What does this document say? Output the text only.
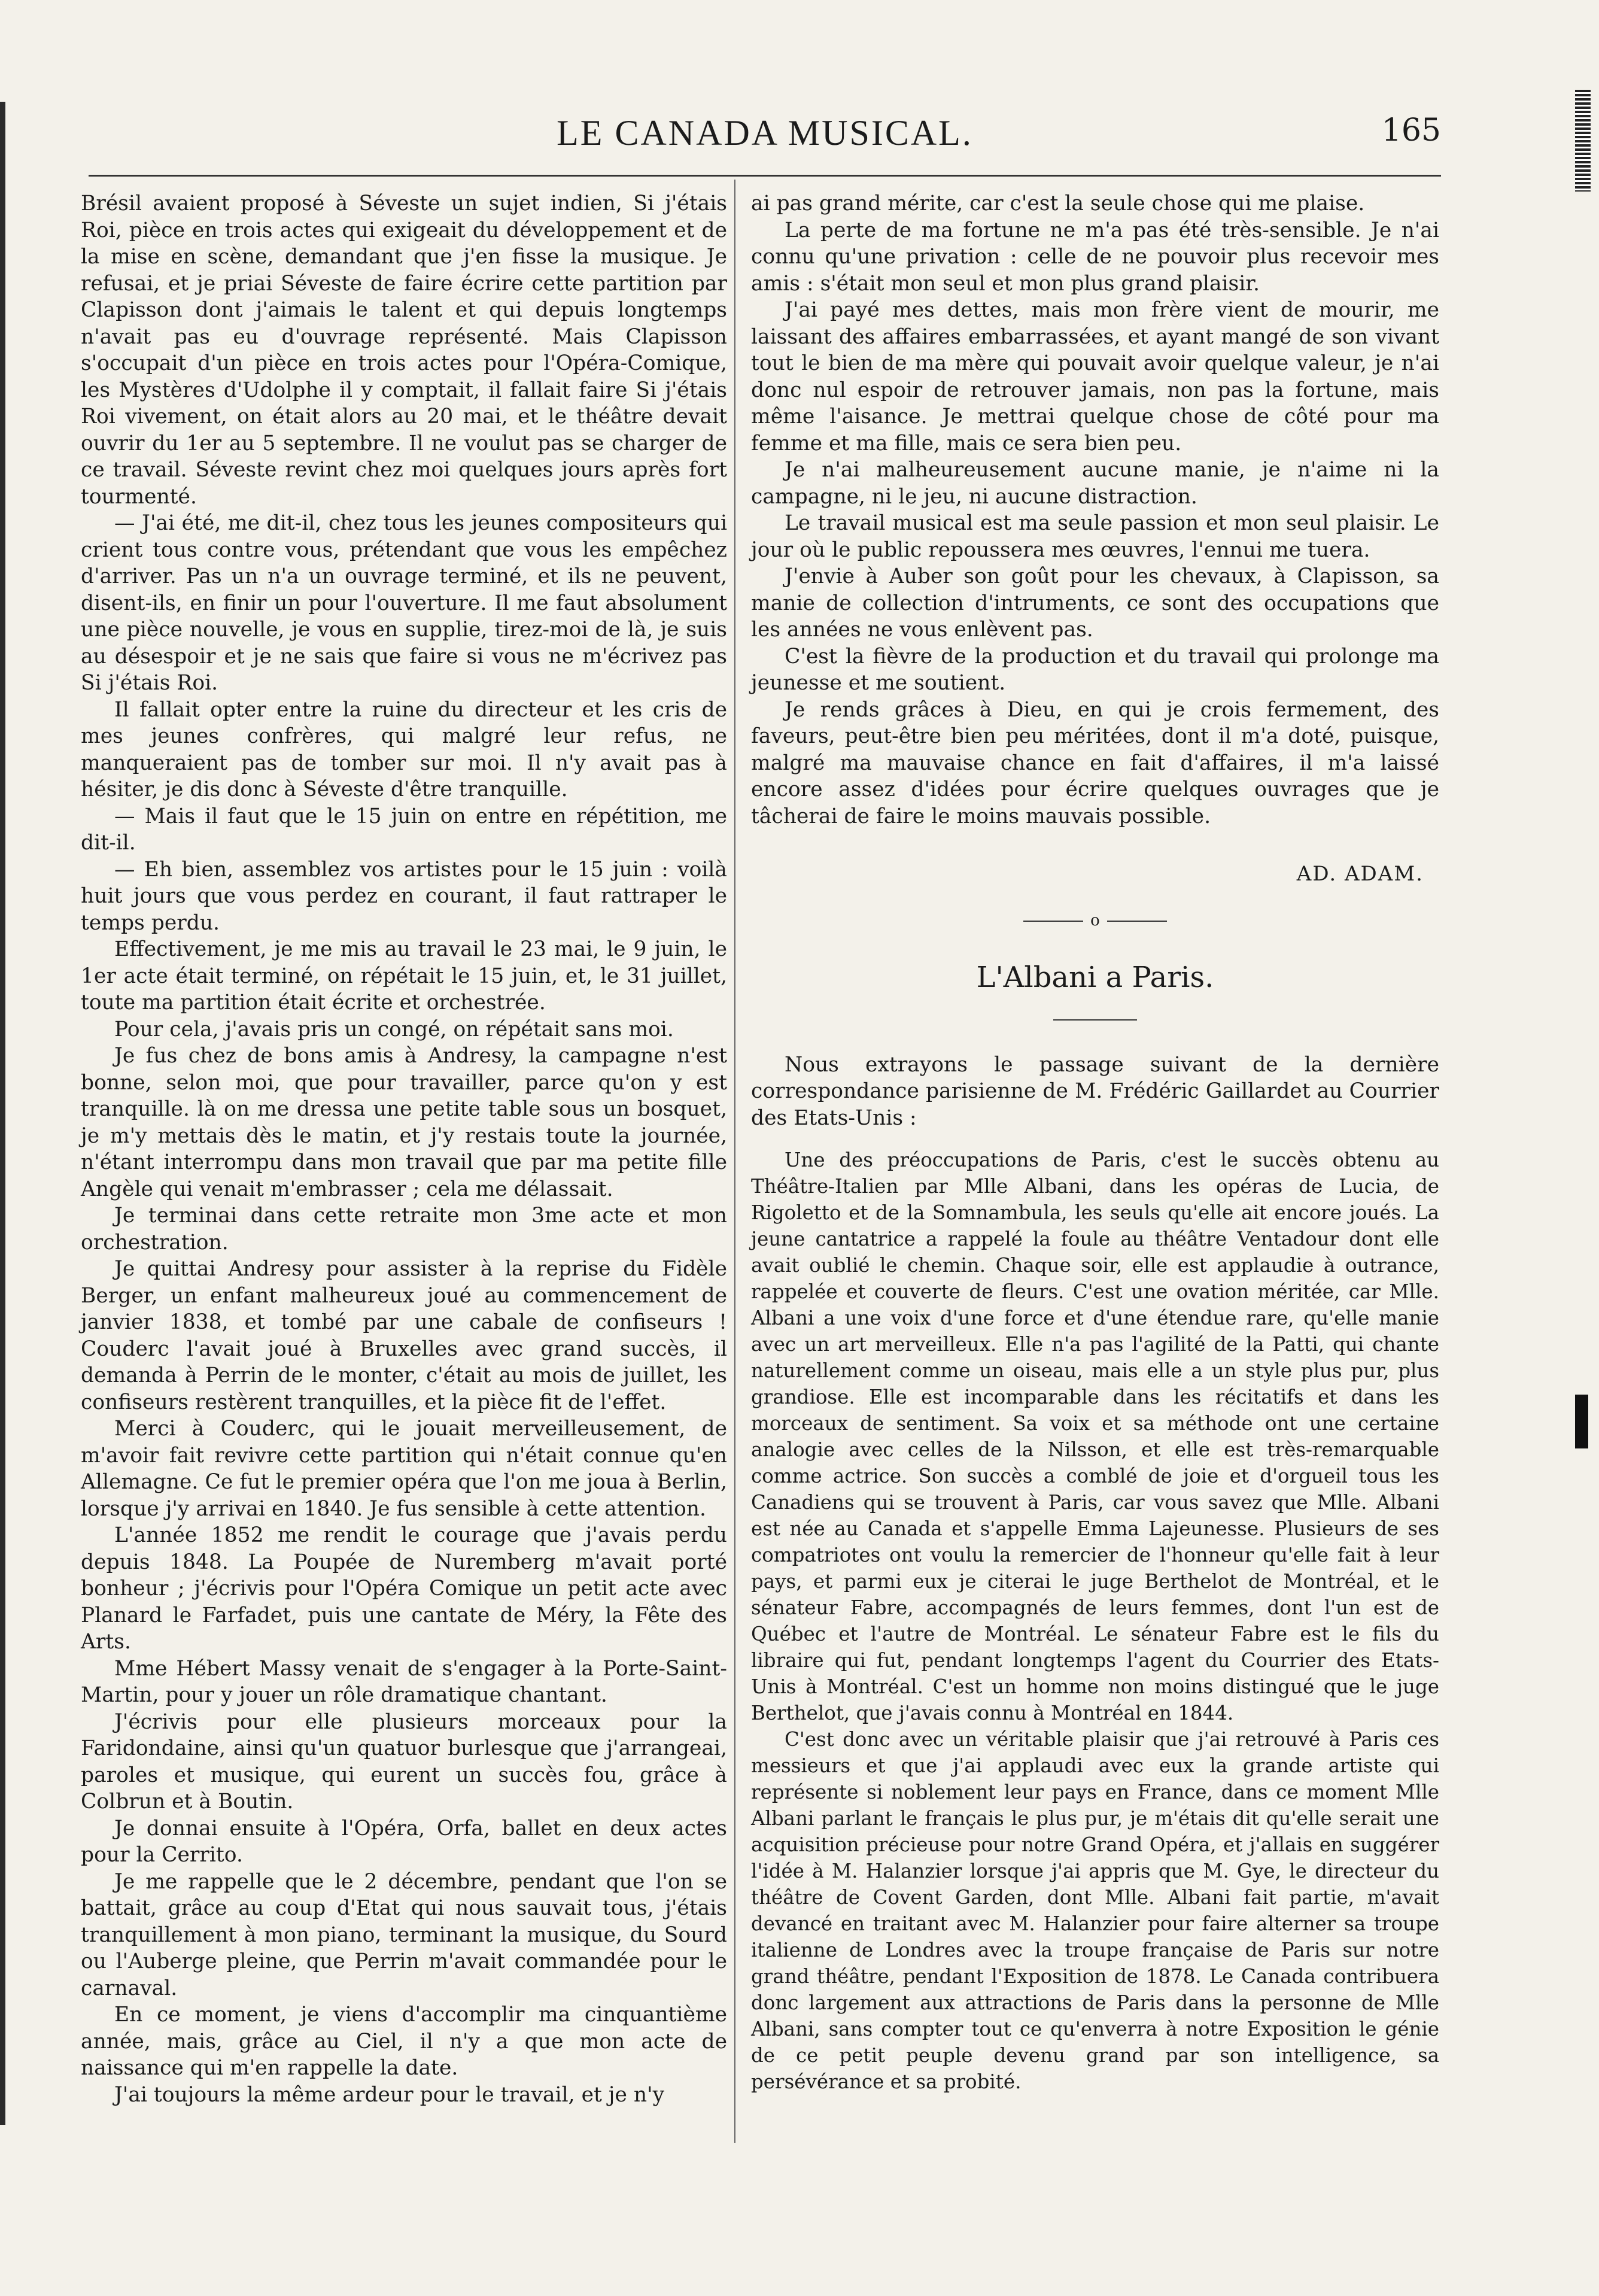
LE CANADA MUSICAL.	165

Brésil avaient proposé à Séveste un sujet indien, Si j'étais Roi, pièce en trois actes qui exigeait du développement et de la mise en scène, demandant que j'en fisse la musique. Je refusai, et je priai Séveste de faire écrire cette partition par Clapisson dont j'aimais le talent et qui depuis longtemps n'avait pas eu d'ouvrage représenté. Mais Clapisson s'occupait d'un pièce en trois actes pour l'Opéra-Comique, les Mystères d'Udolphe il y comptait, il fallait faire Si j'étais Roi vivement, on était alors au 20 mai, et le théâtre devait ouvrir du 1er au 5 septembre. Il ne voulut pas se charger de ce travail. Séveste revint chez moi quelques jours après fort tourmenté.

— J'ai été, me dit-il, chez tous les jeunes compositeurs qui crient tous contre vous, prétendant que vous les empêchez d'arriver. Pas un n'a un ouvrage terminé, et ils ne peuvent, disent-ils, en finir un pour l'ouverture. Il me faut absolument une pièce nouvelle, je vous en supplie, tirez-moi de là, je suis au désespoir et je ne sais que faire si vous ne m'écrivez pas Si j'étais Roi.

Il fallait opter entre la ruine du directeur et les cris de mes jeunes confrères, qui malgré leur refus, ne manqueraient pas de tomber sur moi. Il n'y avait pas à hésiter, je dis donc à Séveste d'être tranquille.

— Mais il faut que le 15 juin on entre en répétition, me dit-il.

— Eh bien, assemblez vos artistes pour le 15 juin : voilà huit jours que vous perdez en courant, il faut rattraper le temps perdu.

Effectivement, je me mis au travail le 23 mai, le 9 juin, le 1er acte était terminé, on répétait le 15 juin, et, le 31 juillet, toute ma partition était écrite et orchestrée.

Pour cela, j'avais pris un congé, on répétait sans moi.

Je fus chez de bons amis à Andresy, la campagne n'est bonne, selon moi, que pour travailler, parce qu'on y est tranquille. là on me dressa une petite table sous un bosquet, je m'y mettais dès le matin, et j'y restais toute la journée, n'étant interrompu dans mon travail que par ma petite fille Angèle qui venait m'embrasser ; cela me délassait.

Je terminai dans cette retraite mon 3me acte et mon orchestration.

Je quittai Andresy pour assister à la reprise du Fidèle Berger, un enfant malheureux joué au commencement de janvier 1838, et tombé par une cabale de confiseurs ! Couderc l'avait joué à Bruxelles avec grand succès, il demanda à Perrin de le monter, c'était au mois de juillet, les confiseurs restèrent tranquilles, et la pièce fit de l'effet.

Merci à Couderc, qui le jouait merveilleusement, de m'avoir fait revivre cette partition qui n'était connue qu'en Allemagne. Ce fut le premier opéra que l'on me joua à Berlin, lorsque j'y arrivai en 1840. Je fus sensible à cette attention.

L'année 1852 me rendit le courage que j'avais perdu depuis 1848. La Poupée de Nuremberg m'avait porté bonheur ; j'écrivis pour l'Opéra Comique un petit acte avec Planard le Farfadet, puis une cantate de Méry, la Fête des Arts.

Mme Hébert Massy venait de s'engager à la Porte-Saint-Martin, pour y jouer un rôle dramatique chantant.

J'écrivis pour elle plusieurs morceaux pour la Faridondaine, ainsi qu'un quatuor burlesque que j'arrangeai, paroles et musique, qui eurent un succès fou, grâce à Colbrun et à Boutin.

Je donnai ensuite à l'Opéra, Orfa, ballet en deux actes pour la Cerrito.

Je me rappelle que le 2 décembre, pendant que l'on se battait, grâce au coup d'Etat qui nous sauvait tous, j'étais tranquillement à mon piano, terminant la musique, du Sourd ou l'Auberge pleine, que Perrin m'avait commandée pour le carnaval.

En ce moment, je viens d'accomplir ma cinquantième année, mais, grâce au Ciel, il n'y a que mon acte de naissance qui m'en rappelle la date.

J'ai toujours la même ardeur pour le travail, et je n'y

ai pas grand mérite, car c'est la seule chose qui me plaise.

La perte de ma fortune ne m'a pas été très-sensible. Je n'ai connu qu'une privation : celle de ne pouvoir plus recevoir mes amis : s'était mon seul et mon plus grand plaisir.

J'ai payé mes dettes, mais mon frère vient de mourir, me laissant des affaires embarrassées, et ayant mangé de son vivant tout le bien de ma mère qui pouvait avoir quelque valeur, je n'ai donc nul espoir de retrouver jamais, non pas la fortune, mais même l'aisance. Je mettrai quelque chose de côté pour ma femme et ma fille, mais ce sera bien peu.

Je n'ai malheureusement aucune manie, je n'aime ni la campagne, ni le jeu, ni aucune distraction.

Le travail musical est ma seule passion et mon seul plaisir. Le jour où le public repoussera mes œuvres, l'ennui me tuera.

J'envie à Auber son goût pour les chevaux, à Clapisson, sa manie de collection d'intruments, ce sont des occupations que les années ne vous enlèvent pas.

C'est la fièvre de la production et du travail qui prolonge ma jeunesse et me soutient.

Je rends grâces à Dieu, en qui je crois fermement, des faveurs, peut-être bien peu méritées, dont il m'a doté, puisque, malgré ma mauvaise chance en fait d'affaires, il m'a laissé encore assez d'idées pour écrire quelques ouvrages que je tâcherai de faire le moins mauvais possible.

AD. ADAM.
o
L'Albani a Paris.

Nous extrayons le passage suivant de la dernière correspondance parisienne de M. Frédéric Gaillardet au Courrier des Etats-Unis :

Une des préoccupations de Paris, c'est le succès obtenu au Théâtre-Italien par Mlle Albani, dans les opéras de Lucia, de Rigoletto et de la Somnambula, les seuls qu'elle ait encore joués. La jeune cantatrice a rappelé la foule au théâtre Ventadour dont elle avait oublié le chemin. Chaque soir, elle est applaudie à outrance, rappelée et couverte de fleurs. C'est une ovation méritée, car Mlle. Albani a une voix d'une force et d'une étendue rare, qu'elle manie avec un art merveilleux. Elle n'a pas l'agilité de la Patti, qui chante naturellement comme un oiseau, mais elle a un style plus pur, plus grandiose. Elle est incomparable dans les récitatifs et dans les morceaux de sentiment. Sa voix et sa méthode ont une certaine analogie avec celles de la Nilsson, et elle est très-remarquable comme actrice. Son succès a comblé de joie et d'orgueil tous les Canadiens qui se trouvent à Paris, car vous savez que Mlle. Albani est née au Canada et s'appelle Emma Lajeunesse. Plusieurs de ses compatriotes ont voulu la remercier de l'honneur qu'elle fait à leur pays, et parmi eux je citerai le juge Berthelot de Montréal, et le sénateur Fabre, accompagnés de leurs femmes, dont l'un est de Québec et l'autre de Montréal. Le sénateur Fabre est le fils du libraire qui fut, pendant longtemps l'agent du Courrier des Etats-Unis à Montréal. C'est un homme non moins distingué que le juge Berthelot, que j'avais connu à Montréal en 1844.

C'est donc avec un véritable plaisir que j'ai retrouvé à Paris ces messieurs et que j'ai applaudi avec eux la grande artiste qui représente si noblement leur pays en France, dans ce moment Mlle Albani parlant le français le plus pur, je m'étais dit qu'elle serait une acquisition précieuse pour notre Grand Opéra, et j'allais en suggérer l'idée à M. Halanzier lorsque j'ai appris que M. Gye, le directeur du théâtre de Covent Garden, dont Mlle. Albani fait partie, m'avait devancé en traitant avec M. Halanzier pour faire alterner sa troupe italienne de Londres avec la troupe française de Paris sur notre grand théâtre, pendant l'Exposition de 1878. Le Canada contribuera donc largement aux attractions de Paris dans la personne de Mlle Albani, sans compter tout ce qu'enverra à notre Exposition le génie de ce petit peuple devenu grand par son intelligence, sa persévérance et sa probité.
